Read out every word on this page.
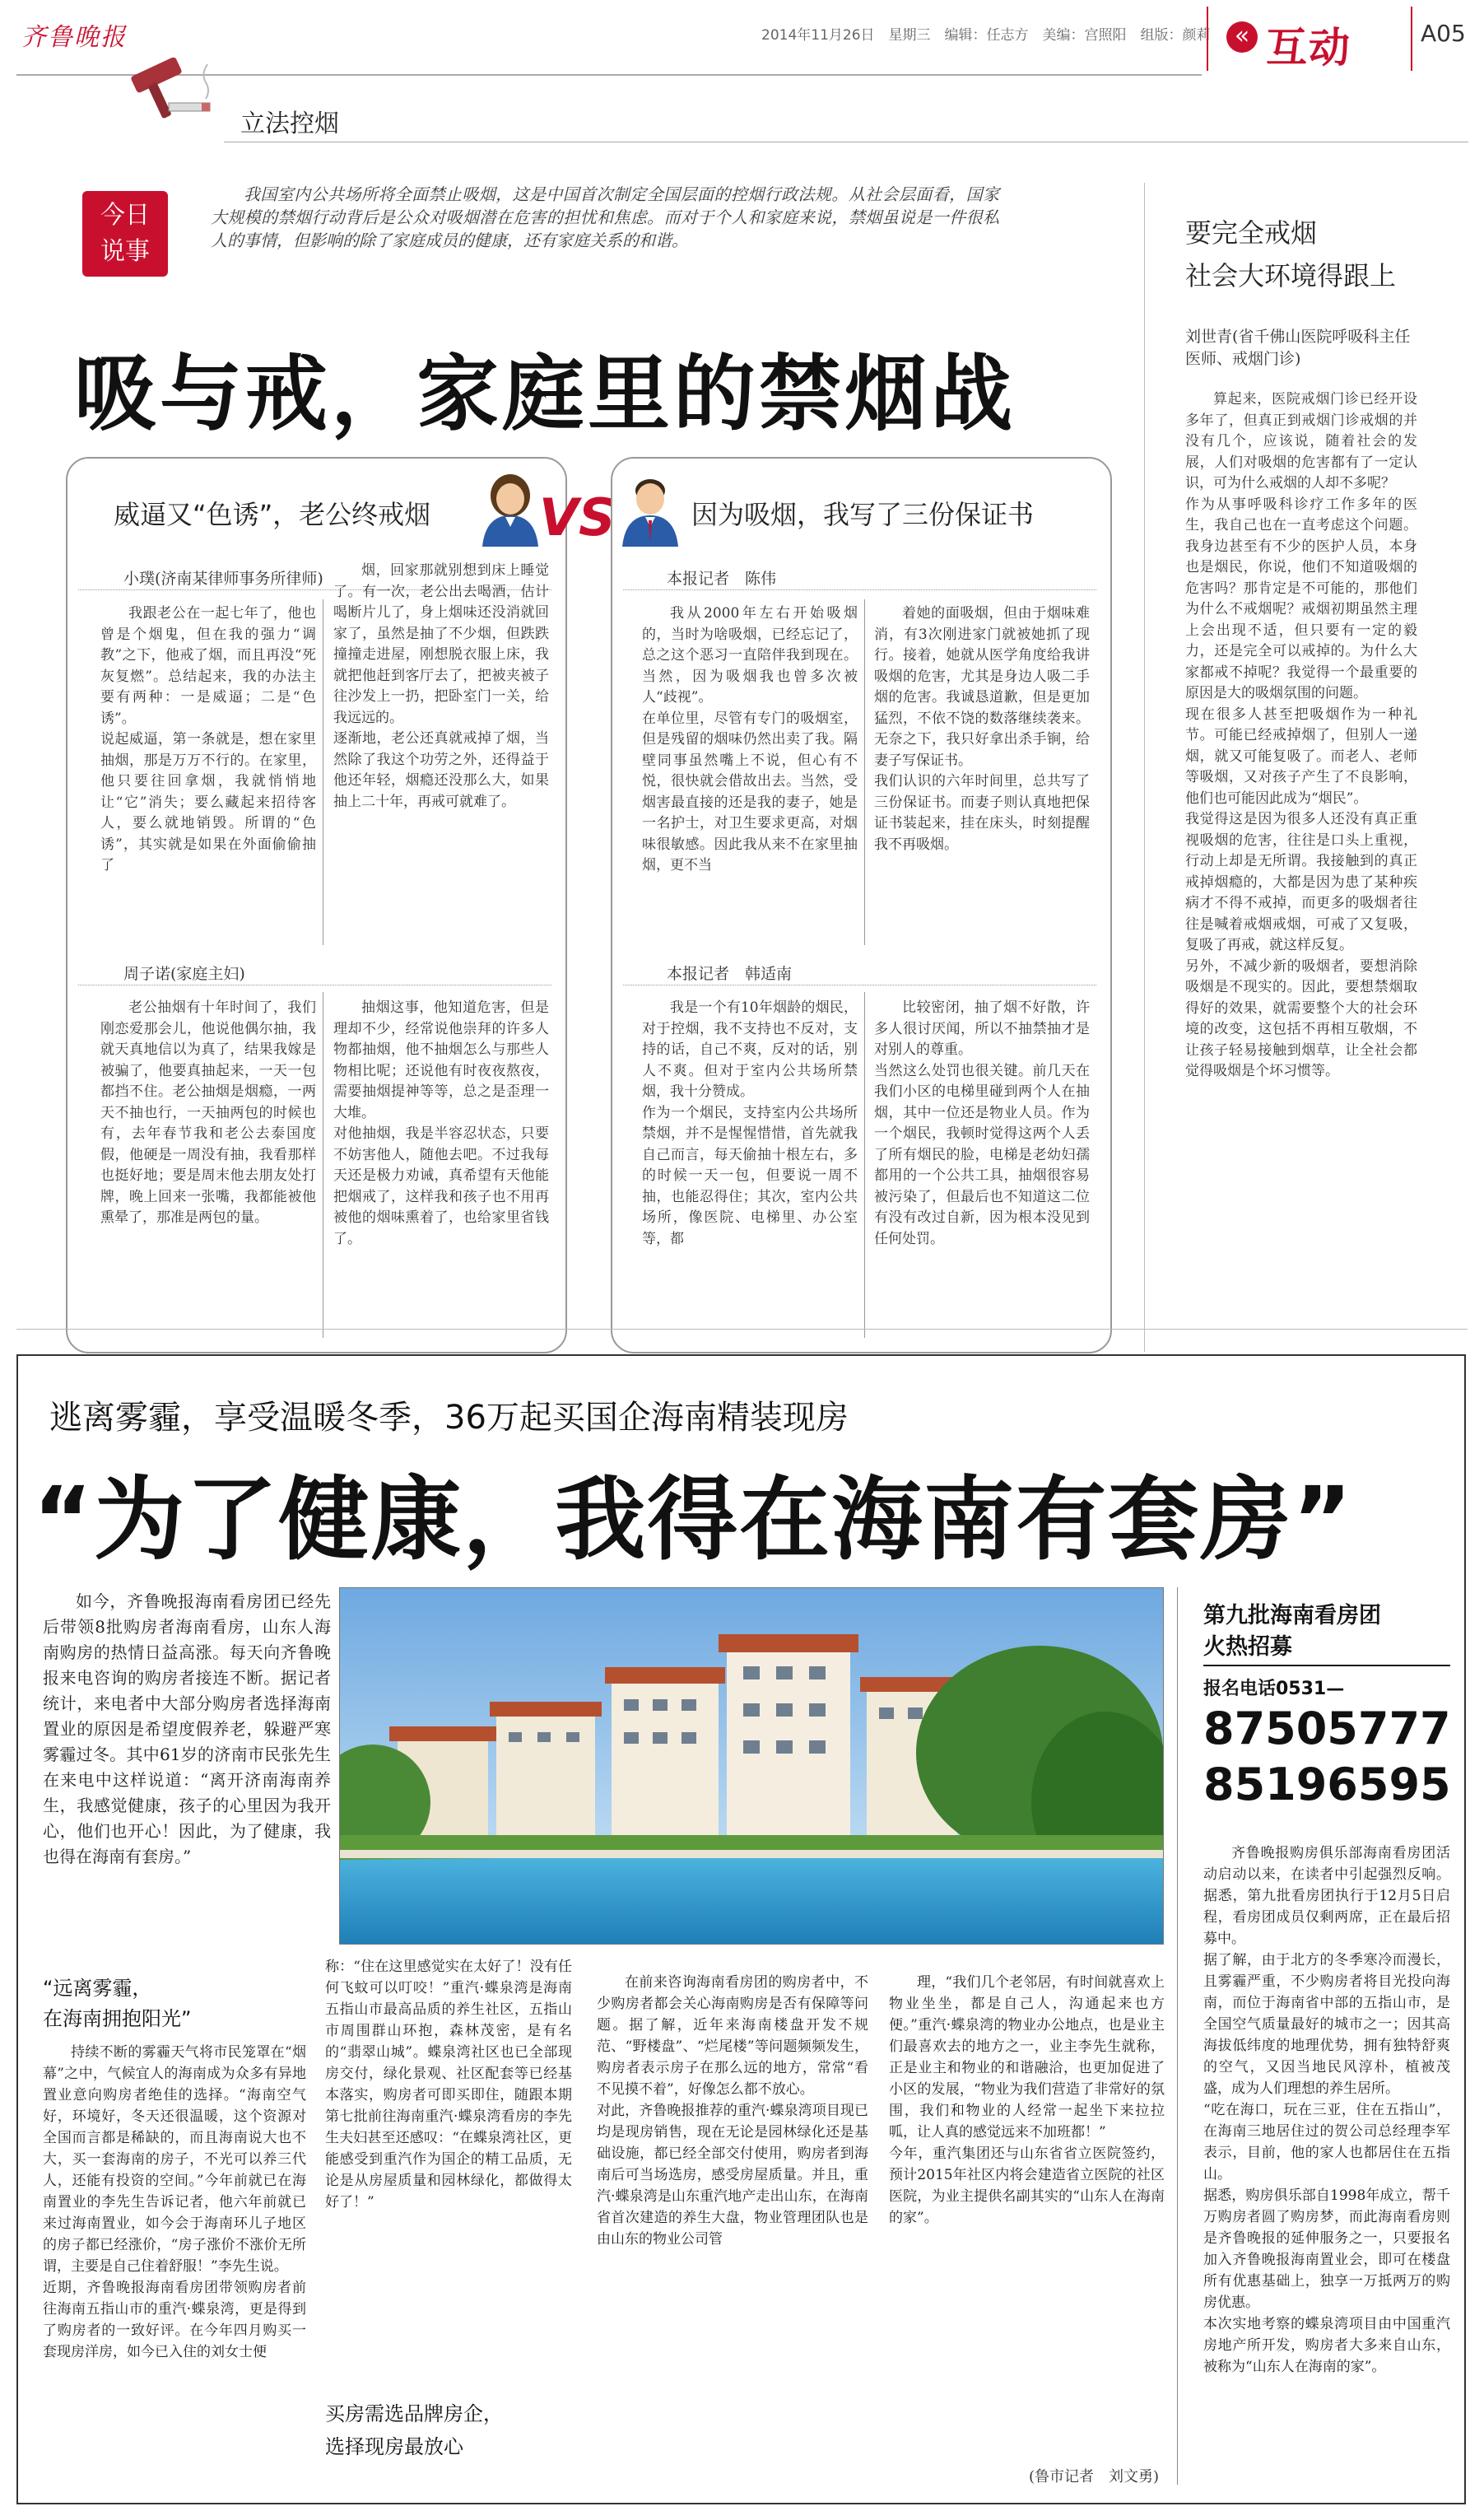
齐鲁晚报	2014年11月26日　星期三　编辑：任志方　美编：宫照阳　组版：颜莉 « 互动	A05
立法控烟
今日
说事
我国室内公共场所将全面禁止吸烟，这是中国首次制定全国层面的控烟行政法规。从社会层面看，国家大规模的禁烟行动背后是公众对吸烟潜在危害的担忧和焦虑。而对于个人和家庭来说，禁烟虽说是一件很私人的事情，但影响的除了家庭成员的健康，还有家庭关系的和谐。
吸与戒，家庭里的禁烟战
威逼又“色诱”，老公终戒烟 VS
小璞(济南某律师事务所律师)
我跟老公在一起七年了，他也曾是个烟鬼，但在我的强力“调教”之下，他戒了烟，而且再没“死灰复燃”。总结起来，我的办法主要有两种：一是威逼；二是“色诱”。
说起威逼，第一条就是，想在家里抽烟，那是万万不行的。在家里，他只要往回拿烟，我就悄悄地让“它”消失；要么藏起来招待客人，要么就地销毁。所谓的“色诱”，其实就是如果在外面偷偷抽了
烟，回家那就别想到床上睡觉了。有一次，老公出去喝酒，估计喝断片儿了，身上烟味还没消就回家了，虽然是抽了不少烟，但跌跌撞撞走进屋，刚想脱衣服上床，我就把他赶到客厅去了，把被夹被子往沙发上一扔，把卧室门一关，给我远远的。
逐渐地，老公还真就戒掉了烟，当然除了我这个功劳之外，还得益于他还年轻，烟瘾还没那么大，如果抽上二十年，再戒可就难了。
周子诺(家庭主妇)
老公抽烟有十年时间了，我们刚恋爱那会儿，他说他偶尔抽，我就天真地信以为真了，结果我嫁是被骗了，他要真抽起来，一天一包都挡不住。老公抽烟是烟瘾，一两天不抽也行，一天抽两包的时候也有，去年春节我和老公去泰国度假，他硬是一周没有抽，我看那样也挺好地；要是周末他去朋友处打牌，晚上回来一张嘴，我都能被他熏晕了，那准是两包的量。
抽烟这事，他知道危害，但是理却不少，经常说他崇拜的许多人物都抽烟，他不抽烟怎么与那些人物相比呢；还说他有时夜夜熬夜，需要抽烟提神等等，总之是歪理一大堆。
对他抽烟，我是半容忍状态，只要不妨害他人，随他去吧。不过我每天还是极力劝诫，真希望有天他能把烟戒了，这样我和孩子也不用再被他的烟味熏着了，也给家里省钱了。
因为吸烟，我写了三份保证书
本报记者　陈伟
我从2000年左右开始吸烟的，当时为啥吸烟，已经忘记了，总之这个恶习一直陪伴我到现在。当然，因为吸烟我也曾多次被人“歧视”。
在单位里，尽管有专门的吸烟室，但是残留的烟味仍然出卖了我。隔壁同事虽然嘴上不说，但心有不悦，很快就会借故出去。当然，受烟害最直接的还是我的妻子，她是一名护士，对卫生要求更高，对烟味很敏感。因此我从来不在家里抽烟，更不当
着她的面吸烟，但由于烟味难消，有3次刚进家门就被她抓了现行。接着，她就从医学角度给我讲吸烟的危害，尤其是身边人吸二手烟的危害。我诚恳道歉，但是更加猛烈，不依不饶的数落继续袭来。无奈之下，我只好拿出杀手锏，给妻子写保证书。
我们认识的六年时间里，总共写了三份保证书。而妻子则认真地把保证书装起来，挂在床头，时刻提醒我不再吸烟。
本报记者　韩适南
我是一个有10年烟龄的烟民，对于控烟，我不支持也不反对，支持的话，自己不爽，反对的话，别人不爽。但对于室内公共场所禁烟，我十分赞成。
作为一个烟民，支持室内公共场所禁烟，并不是惺惺惜惜，首先就我自己而言，每天偷抽十根左右，多的时候一天一包，但要说一周不抽，也能忍得住；其次，室内公共场所，像医院、电梯里、办公室等，都
比较密闭，抽了烟不好散，许多人很讨厌闻，所以不抽禁抽才是对别人的尊重。
当然这么处罚也很关键。前几天在我们小区的电梯里碰到两个人在抽烟，其中一位还是物业人员。作为一个烟民，我顿时觉得这两个人丢了所有烟民的脸，电梯是老幼妇孺都用的一个公共工具，抽烟很容易被污染了，但最后也不知道这二位有没有改过自新，因为根本没见到任何处罚。
要完全戒烟
社会大环境得跟上
刘世青(省千佛山医院呼吸科主任医师、戒烟门诊)
算起来，医院戒烟门诊已经开设多年了，但真正到戒烟门诊戒烟的并没有几个，应该说，随着社会的发展，人们对吸烟的危害都有了一定认识，可为什么戒烟的人却不多呢？
作为从事呼吸科诊疗工作多年的医生，我自己也在一直考虑这个问题。我身边甚至有不少的医护人员，本身也是烟民，你说，他们不知道吸烟的危害吗？那肯定是不可能的，那他们为什么不戒烟呢？戒烟初期虽然主理上会出现不适，但只要有一定的毅力，还是完全可以戒掉的。为什么大家都戒不掉呢？我觉得一个最重要的原因是大的吸烟氛围的问题。
现在很多人甚至把吸烟作为一种礼节。可能已经戒掉烟了，但别人一递烟，就又可能复吸了。而老人、老师等吸烟，又对孩子产生了不良影响，他们也可能因此成为“烟民”。
我觉得这是因为很多人还没有真正重视吸烟的危害，往往是口头上重视，行动上却是无所谓。我接触到的真正戒掉烟瘾的，大都是因为患了某种疾病才不得不戒掉，而更多的吸烟者往往是喊着戒烟戒烟，可戒了又复吸，复吸了再戒，就这样反复。
另外，不减少新的吸烟者，要想消除吸烟是不现实的。因此，要想禁烟取得好的效果，就需要整个大的社会环境的改变，这包括不再相互敬烟，不让孩子轻易接触到烟草，让全社会都觉得吸烟是个坏习惯等。
逃离雾霾，享受温暖冬季，36万起买国企海南精装现房
“为了健康，我得在海南有套房”
如今，齐鲁晚报海南看房团已经先后带领8批购房者海南看房，山东人海南购房的热情日益高涨。每天向齐鲁晚报来电咨询的购房者接连不断。据记者统计，来电者中大部分购房者选择海南置业的原因是希望度假养老，躲避严寒雾霾过冬。其中61岁的济南市民张先生在来电中这样说道：“离开济南海南养生，我感觉健康，孩子的心里因为我开心，他们也开心！因此，为了健康，我也得在海南有套房。”
“远离雾霾，
在海南拥抱阳光”
持续不断的雾霾天气将市民笼罩在“烟幕”之中，气候宜人的海南成为众多有异地置业意向购房者绝佳的选择。“海南空气好，环境好，冬天还很温暖，这个资源对全国而言都是稀缺的，而且海南说大也不大，买一套海南的房子，不光可以养三代人，还能有投资的空间。”今年前就已在海南置业的李先生告诉记者，他六年前就已来过海南置业，如今会于海南环儿子地区的房子都已经涨价，“房子涨价不涨价无所谓，主要是自己住着舒服！”李先生说。
近期，齐鲁晚报海南看房团带领购房者前往海南五指山市的重汽·蝶泉湾，更是得到了购房者的一致好评。在今年四月购买一套现房洋房，如今已入住的刘女士便
称：“住在这里感觉实在太好了！没有任何飞蚊可以叮咬！”重汽·蝶泉湾是海南五指山市最高品质的养生社区，五指山市周围群山环抱，森林茂密，是有名的“翡翠山城”。蝶泉湾社区也已全部现房交付，绿化景观、社区配套等已经基本落实，购房者可即买即住，随跟本期第七批前往海南重汽·蝶泉湾看房的李先生夫妇甚至还感叹：“在蝶泉湾社区，更能感受到重汽作为国企的精工品质，无论是从房屋质量和园林绿化，都做得太好了！”
买房需选品牌房企，
选择现房最放心
在前来咨询海南看房团的购房者中，不少购房者都会关心海南购房是否有保障等问题。据了解，近年来海南楼盘开发不规范、“野楼盘”、“烂尾楼”等问题频频发生，购房者表示房子在那么远的地方，常常“看不见摸不着”，好像怎么都不放心。
对此，齐鲁晚报推荐的重汽·蝶泉湾项目现已均是现房销售，现在无论是园林绿化还是基础设施，都已经全部交付使用，购房者到海南后可当场选房，感受房屋质量。并且，重汽·蝶泉湾是山东重汽地产走出山东，在海南省首次建造的养生大盘，物业管理团队也是由山东的物业公司管
理，“我们几个老邻居，有时间就喜欢上物业坐坐，都是自己人，沟通起来也方便。”重汽·蝶泉湾的物业办公地点，也是业主们最喜欢去的地方之一，业主李先生就称，正是业主和物业的和谐融洽，也更加促进了小区的发展，“物业为我们营造了非常好的氛围，我们和物业的人经常一起坐下来拉拉呱，让人真的感觉远来不加班都！”
今年，重汽集团还与山东省省立医院签约，预计2015年社区内将会建造省立医院的社区医院，为业主提供名副其实的“山东人在海南的家”。
(鲁市记者　刘文勇)
第九批海南看房团
火热招募
报名电话0531—
87505777
85196595
齐鲁晚报购房俱乐部海南看房团活动启动以来，在读者中引起强烈反响。据悉，第九批看房团执行于12月5日启程，看房团成员仅剩两席，正在最后招募中。
据了解，由于北方的冬季寒冷而漫长，且雾霾严重，不少购房者将目光投向海南，而位于海南省中部的五指山市，是全国空气质量最好的城市之一；因其高海拔低纬度的地理优势，拥有独特舒爽的空气，又因当地民风淳朴，植被茂盛，成为人们理想的养生居所。
“吃在海口，玩在三亚，住在五指山”，在海南三地居住过的贺公司总经理李军表示，目前，他的家人也都居住在五指山。
据悉，购房俱乐部自1998年成立，帮千万购房者圆了购房梦，而此海南看房则是齐鲁晚报的延伸服务之一，只要报名加入齐鲁晚报海南置业会，即可在楼盘所有优惠基础上，独享一万抵两万的购房优惠。
本次实地考察的蝶泉湾项目由中国重汽房地产所开发，购房者大多来自山东，被称为“山东人在海南的家”。
